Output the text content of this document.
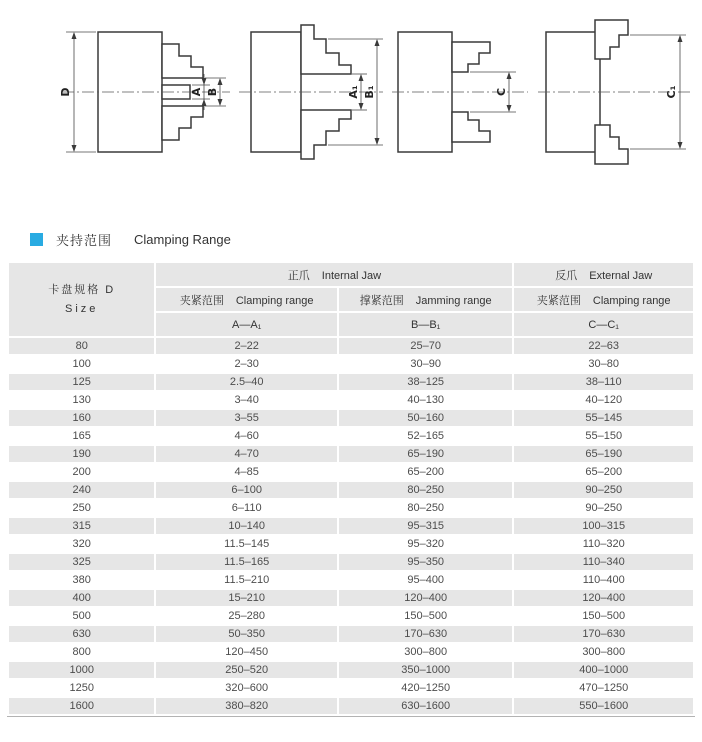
D	A B	A₁ B₁	C	C₁
夹持范围 Clamping Range
卡盘规格 D
Size	正爪 Internal Jaw		反爪 External Jaw
	夹紧范围 Clamping range	撑紧范围 Jamming range	夹紧范围 Clamping range
	A—A₁	B—B₁	C—C₁
80	2–22	25–70	22–63
100	2–30	30–90	30–80
125	2.5–40	38–125	38–110
130	3–40	40–130	40–120
160	3–55	50–160	55–145
165	4–60	52–165	55–150
190	4–70	65–190	65–190
200	4–85	65–200	65–200
240	6–100	80–250	90–250
250	6–110	80–250	90–250
315	10–140	95–315	100–315
320	11.5–145	95–320	110–320
325	11.5–165	95–350	110–340
380	11.5–210	95–400	110–400
400	15–210	120–400	120–400
500	25–280	150–500	150–500
630	50–350	170–630	170–630
800	120–450	300–800	300–800
1000	250–520	350–1000	400–1000
1250	320–600	420–1250	470–1250
1600	380–820	630–1600	550–1600
